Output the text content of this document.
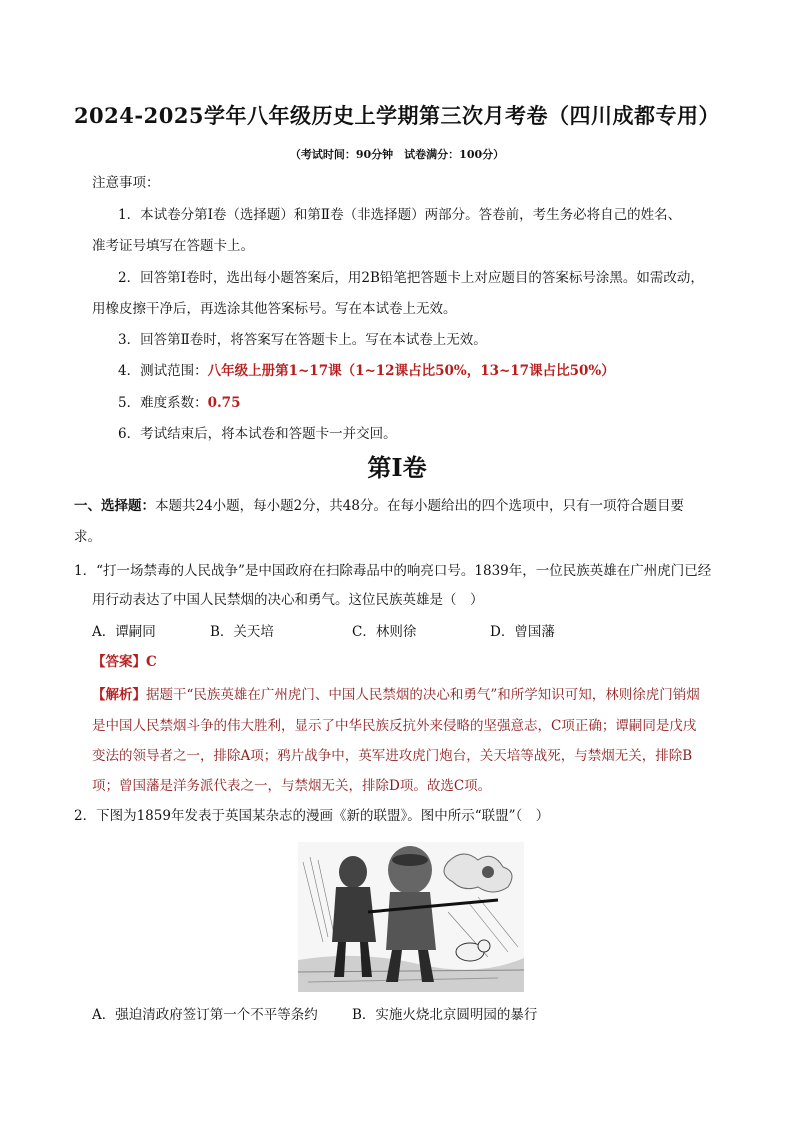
2024-2025学年八年级历史上学期第三次月考卷（四川成都专用）
（考试时间：90分钟　试卷满分：100分）
注意事项：
1．本试卷分第Ⅰ卷（选择题）和第Ⅱ卷（非选择题）两部分。答卷前，考生务必将自己的姓名、
准考证号填写在答题卡上。
2．回答第Ⅰ卷时，选出每小题答案后，用2B铅笔把答题卡上对应题目的答案标号涂黑。如需改动，
用橡皮擦干净后，再选涂其他答案标号。写在本试卷上无效。
3．回答第Ⅱ卷时，将答案写在答题卡上。写在本试卷上无效。
4．测试范围：八年级上册第1~17课（1~12课占比50%，13~17课占比50%）
5．难度系数：0.75
6．考试结束后，将本试卷和答题卡一并交回。
第Ⅰ卷
一、选择题：本题共24小题，每小题2分，共48分。在每小题给出的四个选项中，只有一项符合题目要
求。
1．“打一场禁毒的人民战争”是中国政府在扫除毒品中的响亮口号。1839年，一位民族英雄在广州虎门已经
用行动表达了中国人民禁烟的决心和勇气。这位民族英雄是（　）
A．谭嗣同	B．关天培	C．林则徐	D．曾国藩
【答案】C
【解析】据题干“民族英雄在广州虎门、中国人民禁烟的决心和勇气”和所学知识可知，林则徐虎门销烟
是中国人民禁烟斗争的伟大胜利，显示了中华民族反抗外来侵略的坚强意志，C项正确；谭嗣同是戊戌
变法的领导者之一，排除A项；鸦片战争中，英军进攻虎门炮台，关天培等战死，与禁烟无关，排除B
项；曾国藩是洋务派代表之一，与禁烟无关，排除D项。故选C项。
2．下图为1859年发表于英国某杂志的漫画《新的联盟》。图中所示“联盟”（　）
A．强迫清政府签订第一个不平等条约	B．实施火烧北京圆明园的暴行
